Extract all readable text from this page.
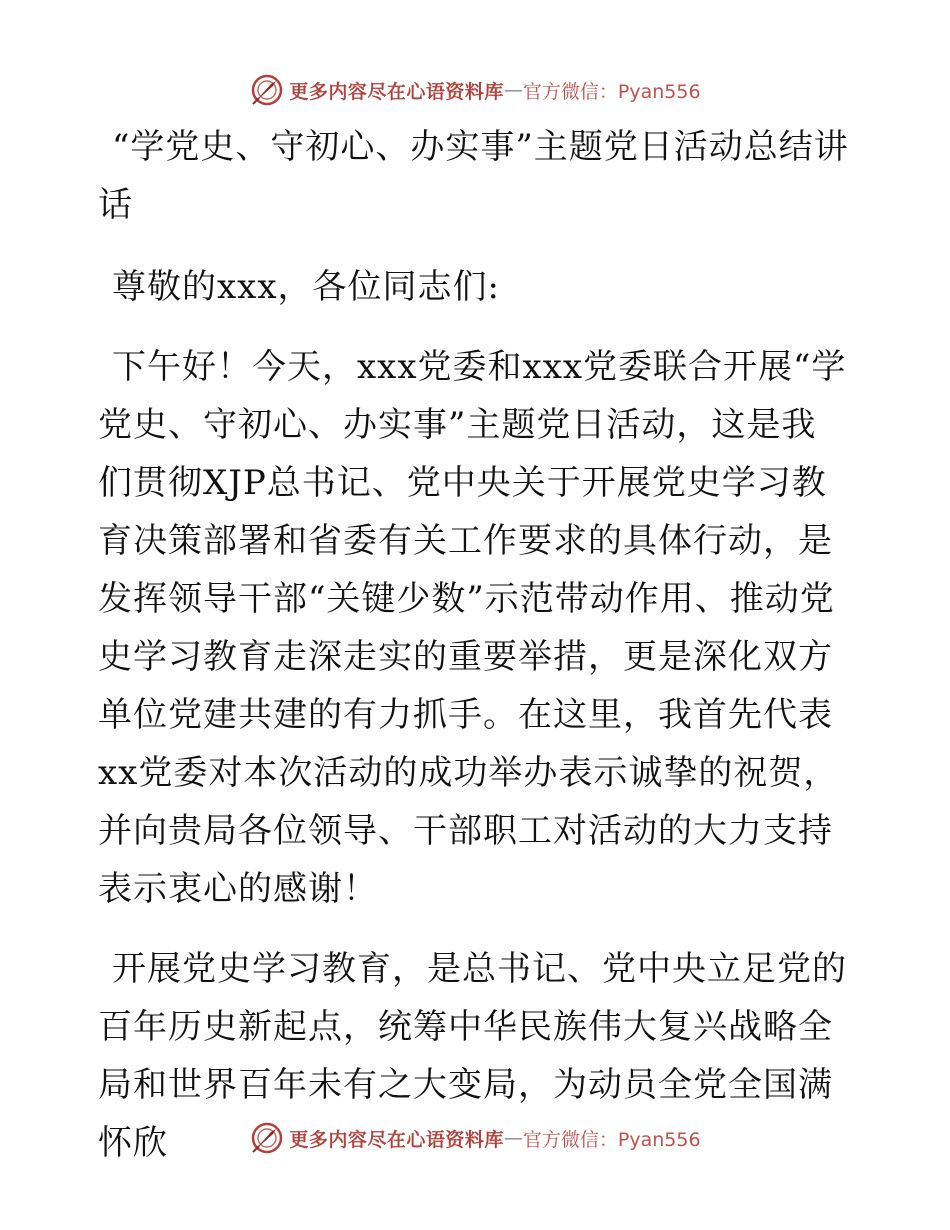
更多内容尽在心语资料库 — 官方微信：Pyan556
“学党史、守初心、办实事”主题党日活动总结讲话

尊敬的xxx，各位同志们:

下午好！今天，xxx党委和xxx党委联合开展“学党史、守初心、办实事”主题党日活动，这是我们贯彻XJP总书记、党中央关于开展党史学习教育决策部署和省委有关工作要求的具体行动，是发挥领导干部“关键少数”示范带动作用、推动党史学习教育走深走实的重要举措，更是深化双方单位党建共建的有力抓手。在这里，我首先代表xx党委对本次活动的成功举办表示诚挚的祝贺，并向贵局各位领导、干部职工对活动的大力支持表示衷心的感谢！

开展党史学习教育，是总书记、党中央立足党的百年历史新起点，统筹中华民族伟大复兴战略全局和世界百年未有之大变局，为动员全党全国满怀欣	更多内容尽在心语资料库 — 官方微信：Pyan556
